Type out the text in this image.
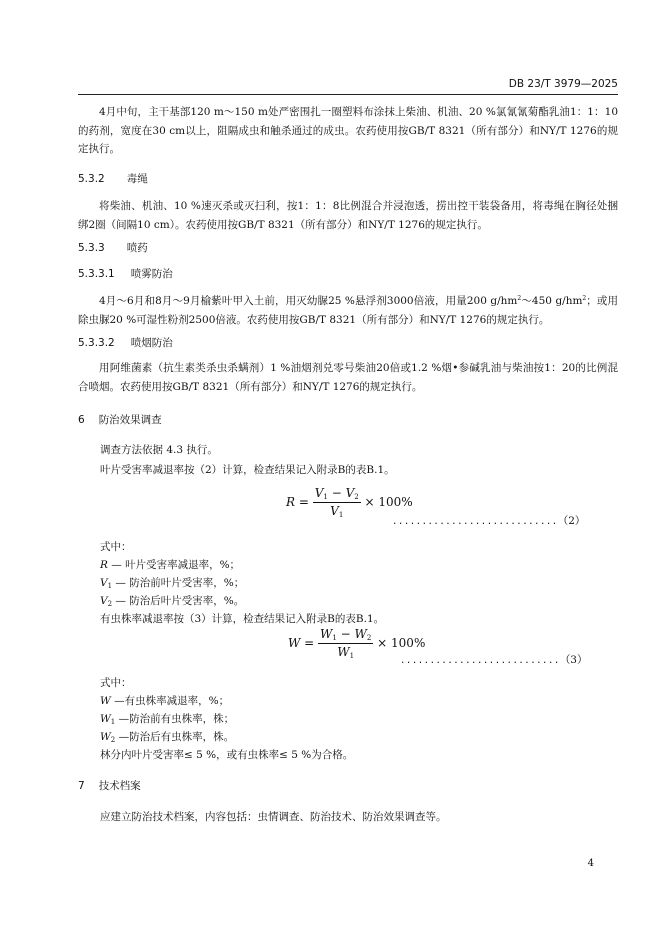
DB 23/T 3979—2025
4月中旬，主干基部120 m～150 m处严密围扎一圈塑料布涂抹上柴油、机油、20 %氯氰氰菊酯乳油1：1：10的药剂，宽度在30 cm以上，阻隔成虫和触杀通过的成虫。农药使用按GB/T 8321（所有部分）和NY/T 1276的规定执行。
5.3.2 毒绳
将柴油、机油、10 %速灭杀或灭扫利，按1：1：8比例混合并浸泡透，捞出控干装袋备用，将毒绳在胸径处捆绑2圈（间隔10 cm）。农药使用按GB/T 8321（所有部分）和NY/T 1276的规定执行。
5.3.3 喷药
5.3.3.1 喷雾防治
4月～6月和8月～9月榆紫叶甲入土前，用灭幼脲25 %悬浮剂3000倍液，用量200 $g/hm^2\sim 450$ $g/hm^2$；或用除虫脲20 %可湿性粉剂2500倍液。农药使用按GB/T 8321（所有部分）和NY/T 1276的规定执行。
5.3.3.2 喷烟防治
用阿维菌素（抗生素类杀虫杀螨剂）1 %油烟剂兑零号柴油20倍或1.2 %烟•参碱乳油与柴油按1：20的比例混合喷烟。农药使用按GB/T 8321（所有部分）和NY/T 1276的规定执行。
6 防治效果调查
调查方法依据 4.3 执行。
叶片受害率减退率按（2）计算，检查结果记入附录B的表B.1。
$R = \frac{V_1 - V_2}{V_1} \times 100\%$
............................（2）
式中：
R — 叶片受害率减退率，%；
$V_1$ — 防治前叶片受害率，%；
$V_2$ — 防治后叶片受害率，%。
有虫株率减退率按（3）计算，检查结果记入附录B的表B.1。
$W = \frac{W_1 - W_2}{W_1} \times 100\%$
...........................（3）
式中：
W —有虫株率减退率，%；
$W_1$ —防治前有虫株率，株；
$W_2$ —防治后有虫株率，株。
林分内叶片受害率≤ 5 %，或有虫株率≤ 5 %为合格。
7 技术档案
应建立防治技术档案，内容包括：虫情调查、防治技术、防治效果调查等。
4
